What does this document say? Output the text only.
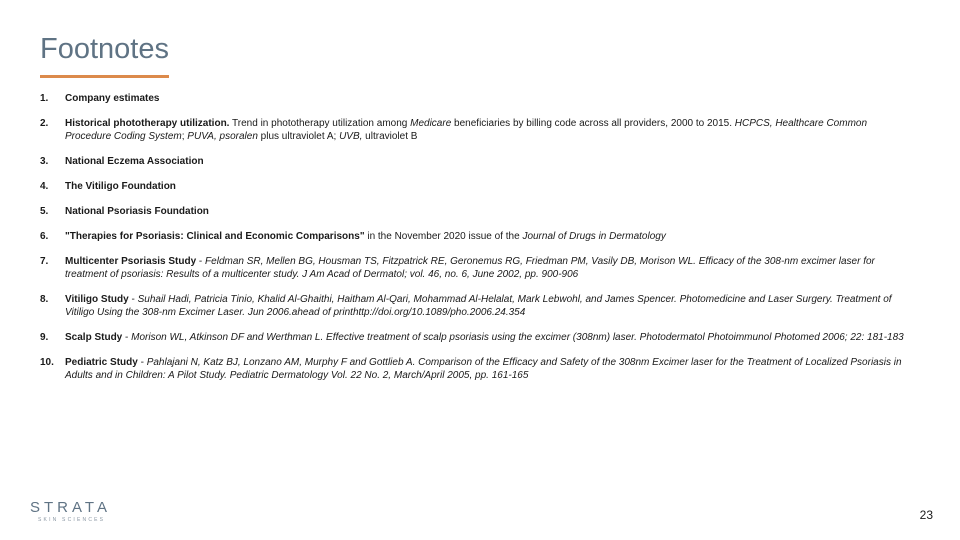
Footnotes
1.	Company estimates
2.	Historical phototherapy utilization. Trend in phototherapy utilization among Medicare beneficiaries by billing code across all providers, 2000 to 2015. HCPCS, Healthcare Common Procedure Coding System; PUVA, psoralen plus ultraviolet A; UVB, ultraviolet B
3.	National Eczema Association
4.	The Vitiligo Foundation
5.	National Psoriasis Foundation
6.	"Therapies for Psoriasis: Clinical and Economic Comparisons" in the November 2020 issue of the Journal of Drugs in Dermatology
7.	Multicenter Psoriasis Study - Feldman SR, Mellen BG, Housman TS, Fitzpatrick RE, Geronemus RG, Friedman PM, Vasily DB, Morison WL. Efficacy of the 308-nm excimer laser for treatment of psoriasis: Results of a multicenter study. J Am Acad of Dermatol; vol. 46, no. 6, June 2002, pp. 900-906
8.	Vitiligo Study - Suhail Hadi, Patricia Tinio, Khalid Al-Ghaithi, Haitham Al-Qari, Mohammad Al-Helalat, Mark Lebwohl, and James Spencer. Photomedicine and Laser Surgery. Treatment of Vitiligo Using the 308-nm Excimer Laser. Jun 2006.ahead of printhttp://doi.org/10.1089/pho.2006.24.354
9.	Scalp Study - Morison WL, Atkinson DF and Werthman L. Effective treatment of scalp psoriasis using the excimer (308nm) laser. Photodermatol Photoimmunol Photomed 2006; 22: 181-183
10.	Pediatric Study - Pahlajani N, Katz BJ, Lonzano AM, Murphy F and Gottlieb A. Comparison of the Efficacy and Safety of the 308nm Excimer laser for the Treatment of Localized Psoriasis in Adults and in Children: A Pilot Study. Pediatric Dermatology Vol. 22 No. 2, March/April 2005, pp. 161-165
STRATA
SKIN SCIENCES	23
